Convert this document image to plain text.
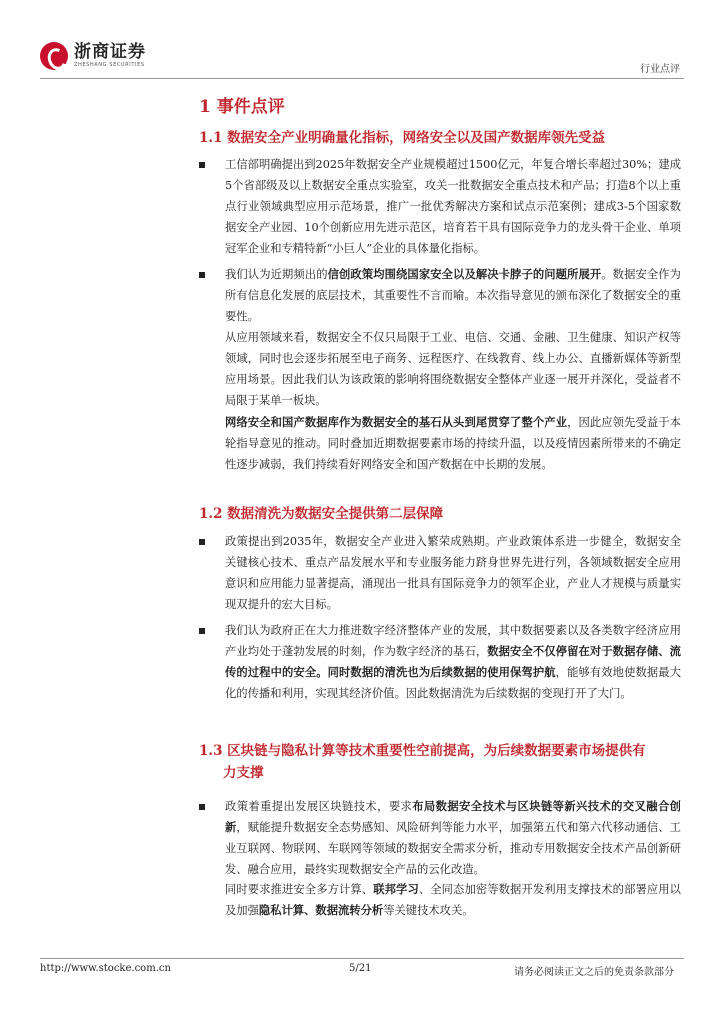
浙商证券
ZHESHANG SECURITIES	行业点评
1 事件点评
1.1 数据安全产业明确量化指标，网络安全以及国产数据库领先受益
工信部明确提出到2025年数据安全产业规模超过1500亿元，年复合增长率超过30%；建成5个省部级及以上数据安全重点实验室，攻关一批数据安全重点技术和产品；打造8个以上重点行业领域典型应用示范场景，推广一批优秀解决方案和试点示范案例；建成3-5个国家数据安全产业园、10个创新应用先进示范区，培育若干具有国际竞争力的龙头骨干企业、单项冠军企业和专精特新“小巨人”企业的具体量化指标。
我们认为近期频出的信创政策均围绕国家安全以及解决卡脖子的问题所展开。数据安全作为所有信息化发展的底层技术，其重要性不言而喻。本次指导意见的颁布深化了数据安全的重要性。
从应用领域来看，数据安全不仅只局限于工业、电信、交通、金融、卫生健康、知识产权等领域，同时也会逐步拓展至电子商务、远程医疗、在线教育、线上办公、直播新媒体等新型应用场景。因此我们认为该政策的影响将围绕数据安全整体产业逐一展开并深化，受益者不局限于某单一板块。
网络安全和国产数据库作为数据安全的基石从头到尾贯穿了整个产业，因此应领先受益于本轮指导意见的推动。同时叠加近期数据要素市场的持续升温，以及疫情因素所带来的不确定性逐步减弱，我们持续看好网络安全和国产数据在中长期的发展。
1.2 数据清洗为数据安全提供第二层保障
政策提出到2035年，数据安全产业进入繁荣成熟期。产业政策体系进一步健全，数据安全关键核心技术、重点产品发展水平和专业服务能力跻身世界先进行列，各领域数据安全应用意识和应用能力显著提高，涌现出一批具有国际竞争力的领军企业，产业人才规模与质量实现双提升的宏大目标。
我们认为政府正在大力推进数字经济整体产业的发展，其中数据要素以及各类数字经济应用产业均处于蓬勃发展的时刻，作为数字经济的基石，数据安全不仅停留在对于数据存储、流传的过程中的安全。同时数据的清洗也为后续数据的使用保驾护航，能够有效地使数据最大化的传播和利用，实现其经济价值。因此数据清洗为后续数据的变现打开了大门。
1.3 区块链与隐私计算等技术重要性空前提高，为后续数据要素市场提供有
力支撑
政策着重提出发展区块链技术，要求布局数据安全技术与区块链等新兴技术的交叉融合创新，赋能提升数据安全态势感知、风险研判等能力水平，加强第五代和第六代移动通信、工业互联网、物联网、车联网等领域的数据安全需求分析，推动专用数据安全技术产品创新研发、融合应用，最终实现数据安全产品的云化改造。
同时要求推进安全多方计算、联邦学习、全同态加密等数据开发利用支撑技术的部署应用以及加强隐私计算、数据流转分析等关键技术攻关。
http://www.stocke.com.cn	5/21	请务必阅读正文之后的免责条款部分
